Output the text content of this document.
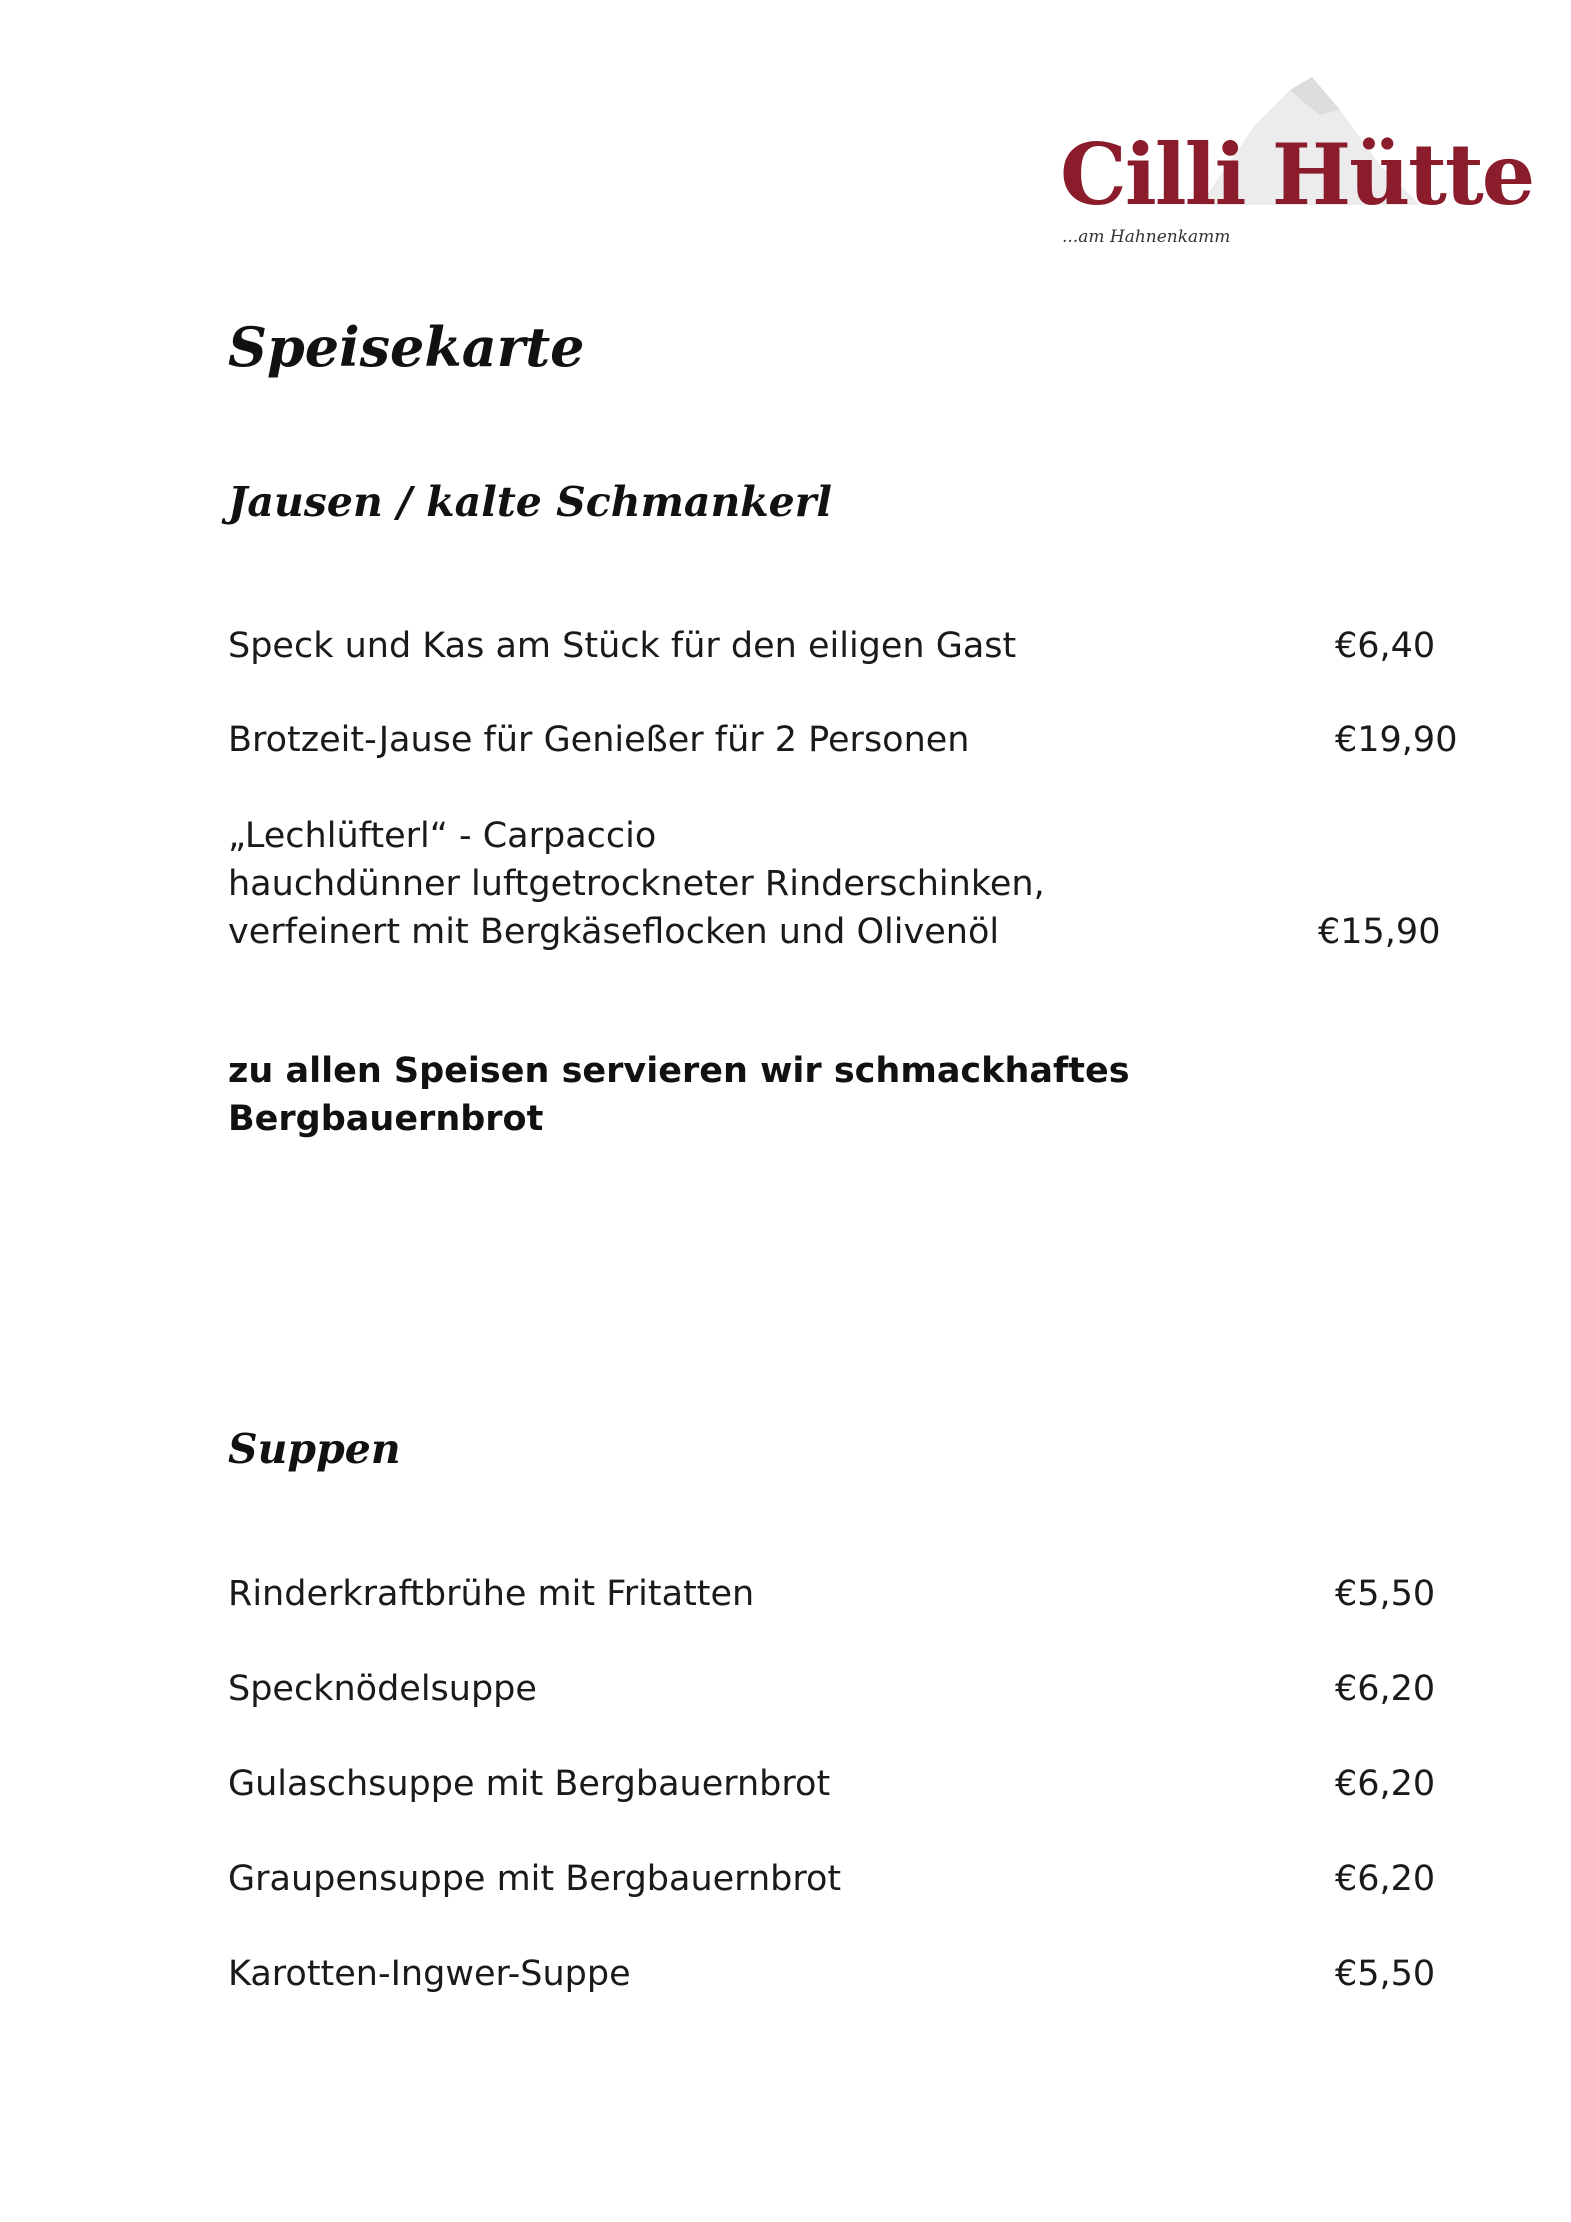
Cilli Hütte
...am Hahnenkamm
Speisekarte
Jausen / kalte Schmankerl
Speck und Kas am Stück für den eiligen Gast	€6,40
Brotzeit-Jause für Genießer für 2 Personen	€19,90
„Lechlüfterl“ - Carpaccio
hauchdünner luftgetrockneter Rinderschinken,
verfeinert mit Bergkäseflocken und Olivenöl	€15,90
zu allen Speisen servieren wir schmackhaftes Bergbauernbrot
Suppen
Rinderkraftbrühe mit Fritatten	€5,50
Specknödelsuppe	€6,20
Gulaschsuppe mit Bergbauernbrot	€6,20
Graupensuppe mit Bergbauernbrot	€6,20
Karotten-Ingwer-Suppe	€5,50
